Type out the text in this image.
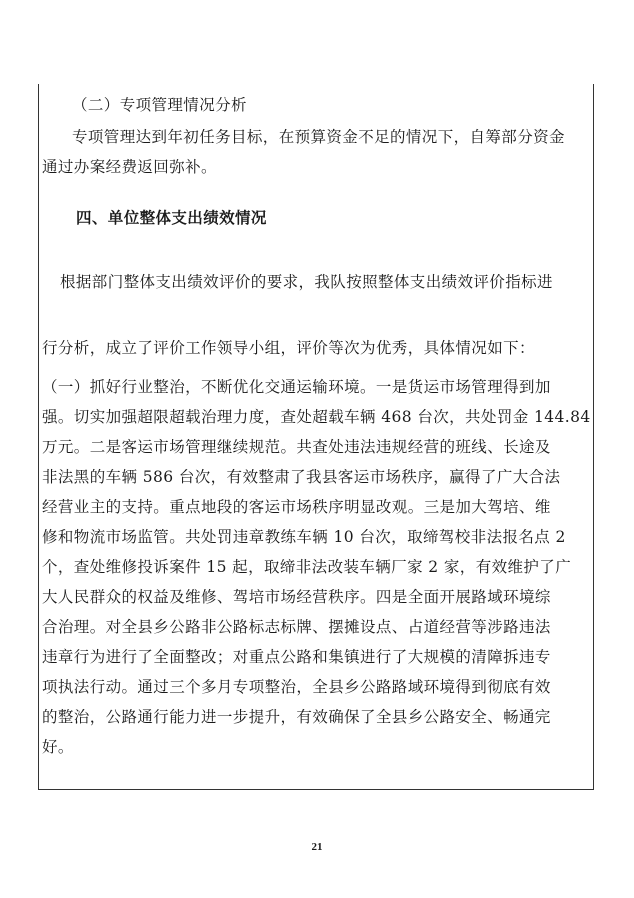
（二）专项管理情况分析
专项管理达到年初任务目标，在预算资金不足的情况下，自筹部分资金
通过办案经费返回弥补。
四、单位整体支出绩效情况
根据部门整体支出绩效评价的要求，我队按照整体支出绩效评价指标进
行分析，成立了评价工作领导小组，评价等次为优秀，具体情况如下：
（一）抓好行业整治，不断优化交通运输环境。一是货运市场管理得到加
强。切实加强超限超载治理力度，查处超载车辆 468 台次，共处罚金 144.84
万元。二是客运市场管理继续规范。共查处违法违规经营的班线、长途及
非法黑的车辆 586 台次，有效整肃了我县客运市场秩序，赢得了广大合法
经营业主的支持。重点地段的客运市场秩序明显改观。三是加大驾培、维
修和物流市场监管。共处罚违章教练车辆 10 台次，取缔驾校非法报名点 2
个，查处维修投诉案件 15 起，取缔非法改装车辆厂家 2 家，有效维护了广
大人民群众的权益及维修、驾培市场经营秩序。四是全面开展路域环境综
合治理。对全县乡公路非公路标志标牌、摆摊设点、占道经营等涉路违法
违章行为进行了全面整改；对重点公路和集镇进行了大规模的清障拆违专
项执法行动。通过三个多月专项整治，全县乡公路路域环境得到彻底有效
的整治，公路通行能力进一步提升，有效确保了全县乡公路安全、畅通完
好。
21
